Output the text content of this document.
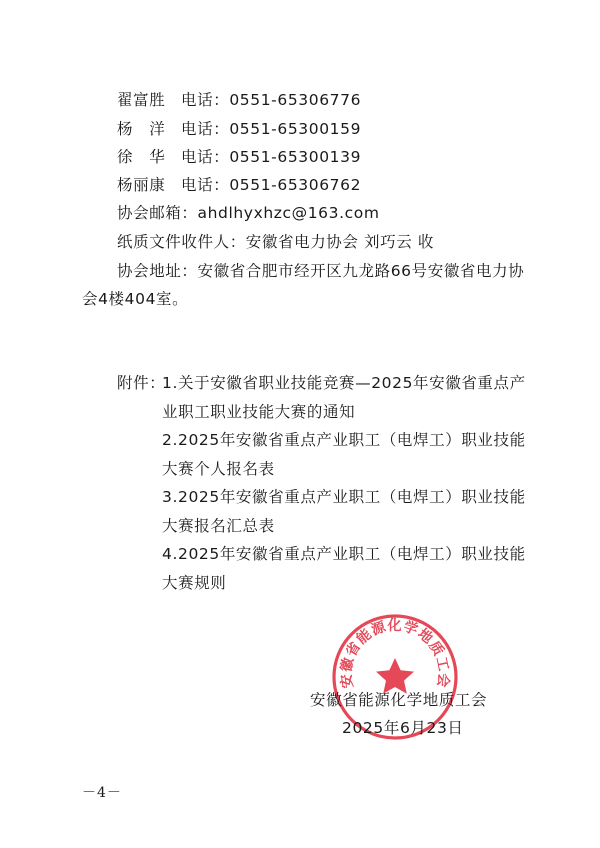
翟富胜 电话：0551-65306776
杨　洋 电话：0551-65300159
徐　华 电话：0551-65300139
杨丽康 电话：0551-65306762
协会邮箱：ahdlhyxhzc@163.com
纸质文件收件人：安徽省电力协会 刘巧云 收
协会地址：安徽省合肥市经开区九龙路66号安徽省电力协
会4楼404室。
附件：
1.关于安徽省职业技能竞赛—2025年安徽省重点产
业职工职业技能大赛的通知
2.2025年安徽省重点产业职工（电焊工）职业技能
大赛个人报名表
3.2025年安徽省重点产业职工（电焊工）职业技能
大赛报名汇总表
4.2025年安徽省重点产业职工（电焊工）职业技能
大赛规则
安徽省能源化学地质工会
安徽省能源化学地质工会
2025年6月23日
－4－
